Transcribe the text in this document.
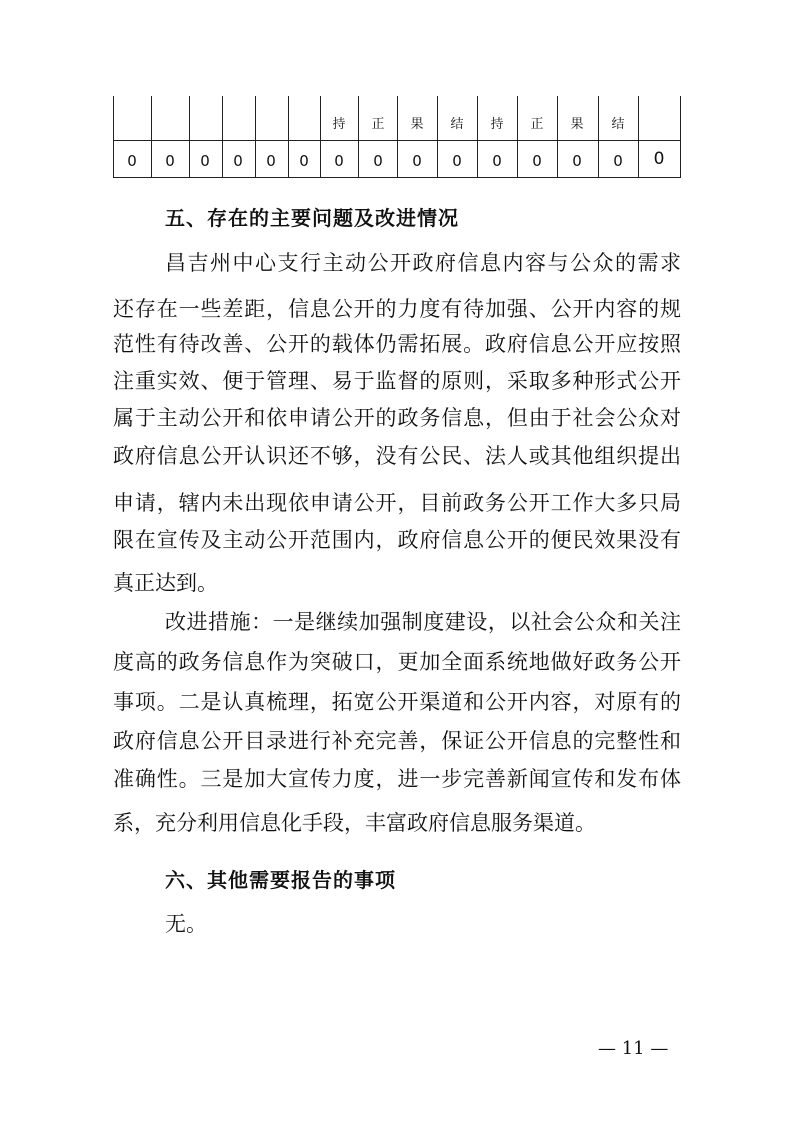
持 正 果 结 持 正 果 结
0 0 0 0 0 0 0 0 0 0 0 0 0 0 0
五、存在的主要问题及改进情况
昌吉州中心支行主动公开政府信息内容与公众的需求
还存在一些差距，信息公开的力度有待加强、公开内容的规
范性有待改善、公开的载体仍需拓展。政府信息公开应按照
注重实效、便于管理、易于监督的原则，采取多种形式公开
属于主动公开和依申请公开的政务信息，但由于社会公众对
政府信息公开认识还不够，没有公民、法人或其他组织提出
申请，辖内未出现依申请公开，目前政务公开工作大多只局
限在宣传及主动公开范围内，政府信息公开的便民效果没有
真正达到。
改进措施：一是继续加强制度建设，以社会公众和关注
度高的政务信息作为突破口，更加全面系统地做好政务公开
事项。二是认真梳理，拓宽公开渠道和公开内容，对原有的
政府信息公开目录进行补充完善，保证公开信息的完整性和
准确性。三是加大宣传力度，进一步完善新闻宣传和发布体
系，充分利用信息化手段，丰富政府信息服务渠道。
六、其他需要报告的事项
无。
— 11 —
